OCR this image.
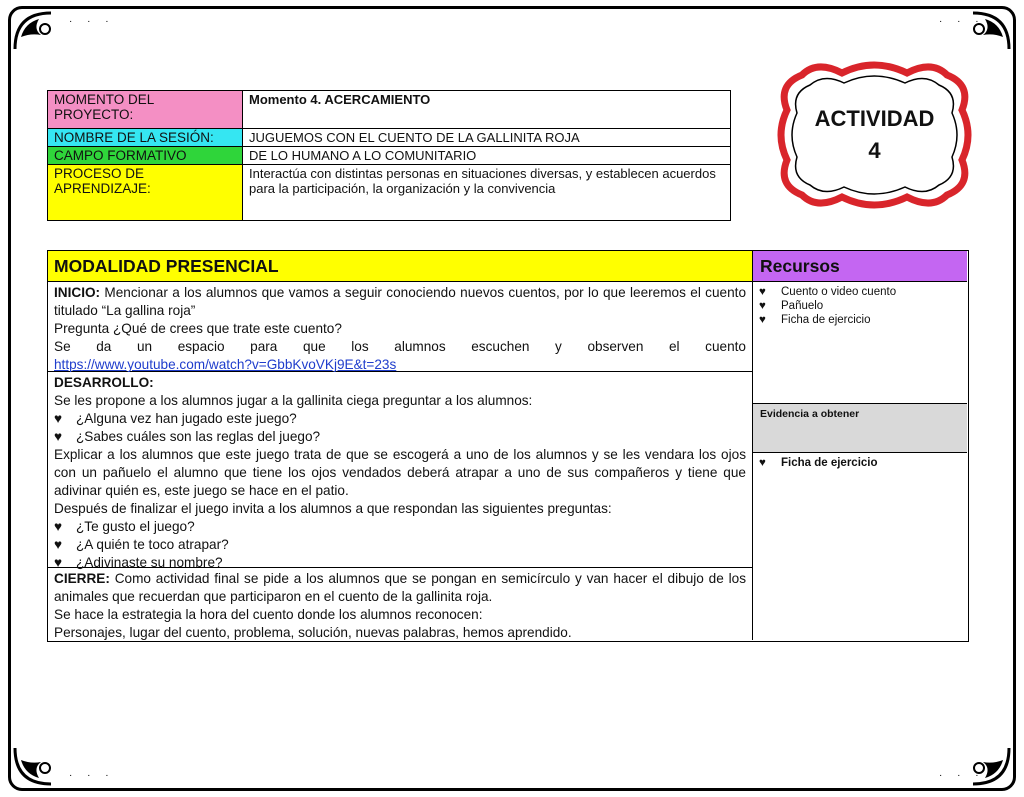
· · ·	· · ·
· · ·	· · ·
MOMENTO DEL PROYECTO:	Momento 4. ACERCAMIENTO
NOMBRE DE LA SESIÓN:	JUGUEMOS CON EL CUENTO DE LA GALLINITA ROJA
CAMPO FORMATIVO	DE LO HUMANO A LO COMUNITARIO
PROCESO DE APRENDIZAJE:	Interactúa con distintas personas en situaciones diversas, y establecen acuerdos para la participación, la organización y la convivencia
ACTIVIDAD
4
MODALIDAD PRESENCIAL
INICIO: Mencionar a los alumnos que vamos a seguir conociendo nuevos cuentos, por lo que leeremos el cuento titulado “La gallina roja”
Pregunta ¿Qué de crees que trate este cuento?

Se da un espacio para que los alumnos escuchen y observen el cuento
https://www.youtube.com/watch?v=GbbKvoVKj9E&t=23s
DESARROLLO:
Se les propone a los alumnos jugar a la gallinita ciega preguntar a los alumnos:
♥	¿Alguna vez han jugado este juego?
♥	¿Sabes cuáles son las reglas del juego?
Explicar a los alumnos que este juego trata de que se escogerá a uno de los alumnos y se les vendara los ojos con un pañuelo el alumno que tiene los ojos vendados deberá atrapar a uno de sus compañeros y tiene que adivinar quién es, este juego se hace en el patio.
Después de finalizar el juego invita a los alumnos a que respondan las siguientes preguntas:
♥	¿Te gusto el juego?
♥	¿A quién te toco atrapar?
♥	¿Adivinaste su nombre?
CIERRE: Como actividad final se pide a los alumnos que se pongan en semicírculo y van hacer el dibujo de los animales que recuerdan que participaron en el cuento de la gallinita roja.
Se hace la estrategia la hora del cuento donde los alumnos reconocen:
Personajes, lugar del cuento, problema, solución, nuevas palabras, hemos aprendido.
Recursos
♥	Cuento o video cuento
♥	Pañuelo
♥	Ficha de ejercicio
Evidencia a obtener
♥	Ficha de ejercicio
